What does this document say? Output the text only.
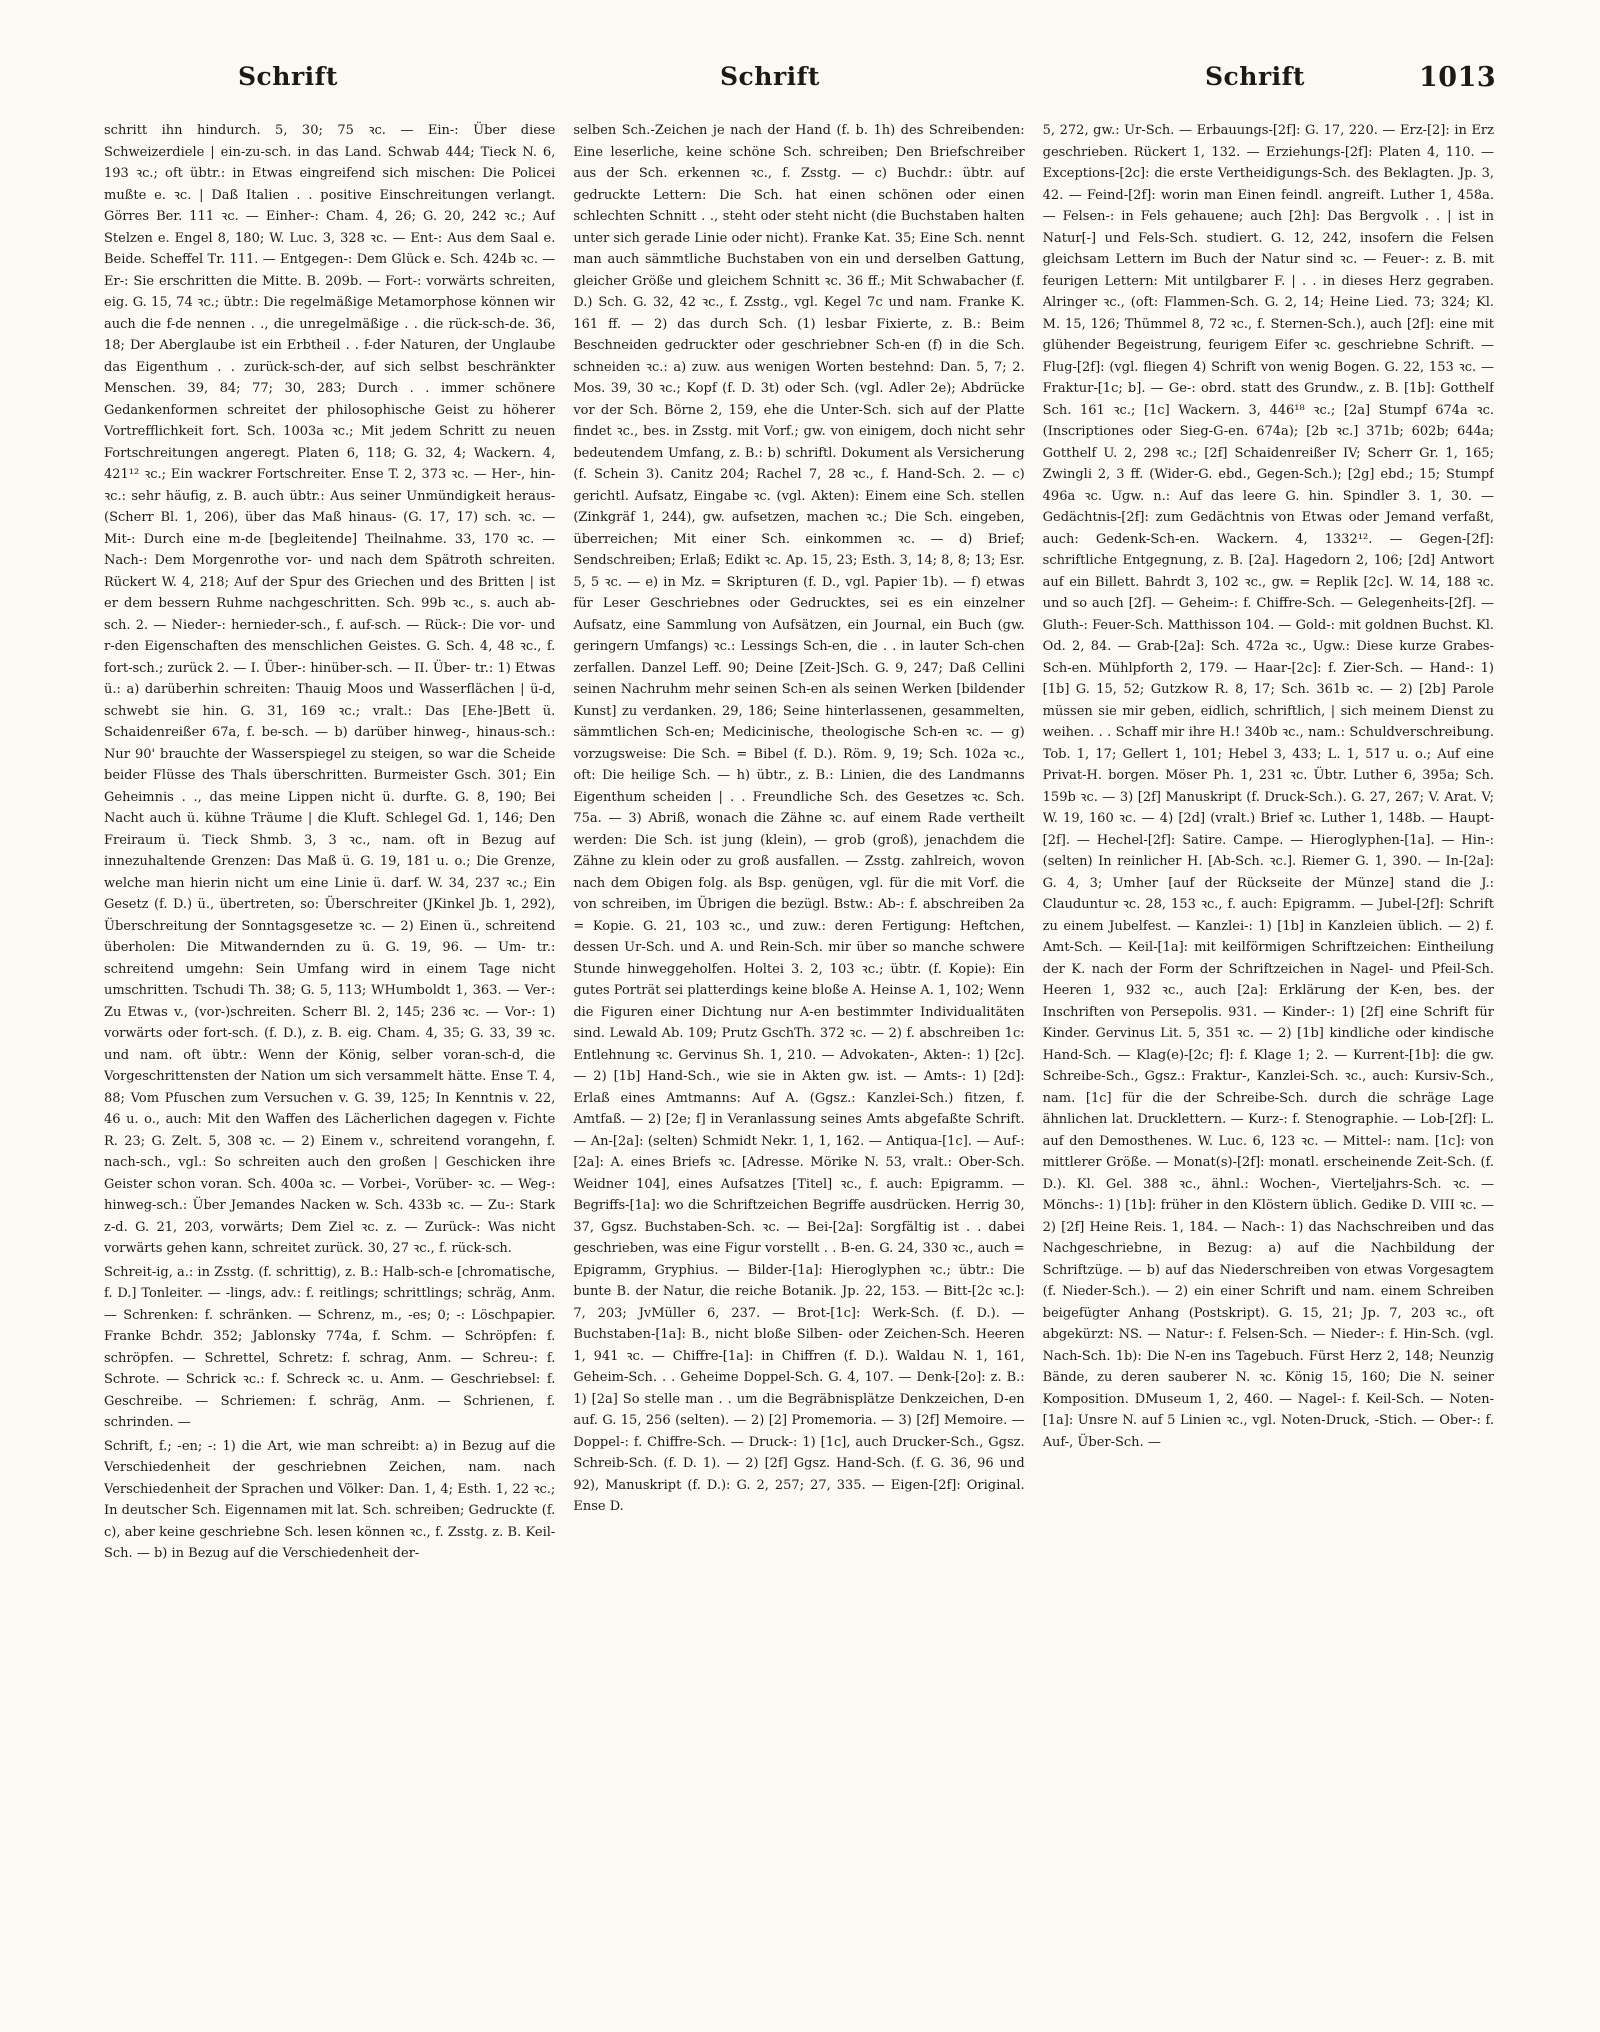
Schrift	Schrift	Schrift	1013

schritt ihn hindurch. 5, 30; 75 ꝛc. — Ein-: Über diese Schweizerdiele | ein-zu-sch. in das Land. Schwab 444; Tieck N. 6, 193 ꝛc.; oft übtr.: in Etwas eingreifend sich mischen: Die Policei mußte e. ꝛc. | Daß Italien . . positive Einschreitungen verlangt. Görres Ber. 111 ꝛc. — Einher-: Cham. 4, 26; G. 20, 242 ꝛc.; Auf Stelzen e. Engel 8, 180; W. Luc. 3, 328 ꝛc. — Ent-: Aus dem Saal e. Beide. Scheffel Tr. 111. — Entgegen-: Dem Glück e. Sch. 424b ꝛc. — Er-: Sie erschritten die Mitte. B. 209b. — Fort-: vorwärts schreiten, eig. G. 15, 74 ꝛc.; übtr.: Die regelmäßige Metamorphose können wir auch die f-de nennen . ., die unregelmäßige . . die rück-sch-de. 36, 18; Der Aberglaube ist ein Erbtheil . . f-der Naturen, der Unglaube das Eigenthum . . zurück-sch-der, auf sich selbst beschränkter Menschen. 39, 84; 77; 30, 283; Durch . . immer schönere Gedankenformen schreitet der philosophische Geist zu höherer Vortrefflichkeit fort. Sch. 1003a ꝛc.; Mit jedem Schritt zu neuen Fortschreitungen angeregt. Platen 6, 118; G. 32, 4; Wackern. 4, 421¹² ꝛc.; Ein wackrer Fortschreiter. Ense T. 2, 373 ꝛc. — Her-, hin- ꝛc.: sehr häufig, z. B. auch übtr.: Aus seiner Unmündigkeit heraus- (Scherr Bl. 1, 206), über das Maß hinaus- (G. 17, 17) sch. ꝛc. — Mit-: Durch eine m-de [begleitende] Theilnahme. 33, 170 ꝛc. — Nach-: Dem Morgenrothe vor- und nach dem Spätroth schreiten. Rückert W. 4, 218; Auf der Spur des Griechen und des Britten | ist er dem bessern Ruhme nachgeschritten. Sch. 99b ꝛc., s. auch ab-sch. 2. — Nieder-: hernieder-sch., f. auf-sch. — Rück-: Die vor- und r-den Eigenschaften des menschlichen Geistes. G. Sch. 4, 48 ꝛc., f. fort-sch.; zurück 2. — I. Über-: hinüber-sch. — II. Über- tr.: 1) Etwas ü.: a) darüberhin schreiten: Thauig Moos und Wasserflächen | ü-d, schwebt sie hin. G. 31, 169 ꝛc.; vralt.: Das [Ehe-]Bett ü. Schaidenreißer 67a, f. be-sch. — b) darüber hinweg-, hinaus-sch.: Nur 90' brauchte der Wasserspiegel zu steigen, so war die Scheide beider Flüsse des Thals überschritten. Burmeister Gsch. 301; Ein Geheimnis . ., das meine Lippen nicht ü. durfte. G. 8, 190; Bei Nacht auch ü. kühne Träume | die Kluft. Schlegel Gd. 1, 146; Den Freiraum ü. Tieck Shmb. 3, 3 ꝛc., nam. oft in Bezug auf innezuhaltende Grenzen: Das Maß ü. G. 19, 181 u. o.; Die Grenze, welche man hierin nicht um eine Linie ü. darf. W. 34, 237 ꝛc.; Ein Gesetz (f. D.) ü., übertreten, so: Überschreiter (JKinkel Jb. 1, 292), Überschreitung der Sonntagsgesetze ꝛc. — 2) Einen ü., schreitend überholen: Die Mitwandernden zu ü. G. 19, 96. — Um- tr.: schreitend umgehn: Sein Umfang wird in einem Tage nicht umschritten. Tschudi Th. 38; G. 5, 113; WHumboldt 1, 363. — Ver-: Zu Etwas v., (vor-)schreiten. Scherr Bl. 2, 145; 236 ꝛc. — Vor-: 1) vorwärts oder fort-sch. (f. D.), z. B. eig. Cham. 4, 35; G. 33, 39 ꝛc. und nam. oft übtr.: Wenn der König, selber voran-sch-d, die Vorgeschrittensten der Nation um sich versammelt hätte. Ense T. 4, 88; Vom Pfuschen zum Versuchen v. G. 39, 125; In Kenntnis v. 22, 46 u. o., auch: Mit den Waffen des Lächerlichen dagegen v. Fichte R. 23; G. Zelt. 5, 308 ꝛc. — 2) Einem v., schreitend vorangehn, f. nach-sch., vgl.: So schreiten auch den großen | Geschicken ihre Geister schon voran. Sch. 400a ꝛc. — Vorbei-, Vorüber- ꝛc. — Weg-: hinweg-sch.: Über Jemandes Nacken w. Sch. 433b ꝛc. — Zu-: Stark z-d. G. 21, 203, vorwärts; Dem Ziel ꝛc. z. — Zurück-: Was nicht vorwärts gehen kann, schreitet zurück. 30, 27 ꝛc., f. rück-sch.

Schreit-ig, a.: in Zsstg. (f. schrittig), z. B.: Halb-sch-e [chromatische, f. D.] Tonleiter. — -lings, adv.: f. reitlings; schrittlings; schräg, Anm. — Schrenken: f. schränken. — Schrenz, m., -es; 0; -: Löschpapier. Franke Bchdr. 352; Jablonsky 774a, f. Schm. — Schröpfen: f. schröpfen. — Schrettel, Schretz: f. schrag, Anm. — Schreu-: f. Schrote. — Schrick ꝛc.: f. Schreck ꝛc. u. Anm. — Geschriebsel: f. Geschreibe. — Schriemen: f. schräg, Anm. — Schrienen, f. schrinden. —

Schrift, f.; -en; -: 1) die Art, wie man schreibt: a) in Bezug auf die Verschiedenheit der geschriebnen Zeichen, nam. nach Verschiedenheit der Sprachen und Völker: Dan. 1, 4; Esth. 1, 22 ꝛc.; In deutscher Sch. Eigennamen mit lat. Sch. schreiben; Gedruckte (f. c), aber keine geschriebne Sch. lesen können ꝛc., f. Zsstg. z. B. Keil-Sch. — b) in Bezug auf die Verschiedenheit der-

selben Sch.-Zeichen je nach der Hand (f. b. 1h) des Schreibenden: Eine leserliche, keine schöne Sch. schreiben; Den Briefschreiber aus der Sch. erkennen ꝛc., f. Zsstg. — c) Buchdr.: übtr. auf gedruckte Lettern: Die Sch. hat einen schönen oder einen schlechten Schnitt . ., steht oder steht nicht (die Buchstaben halten unter sich gerade Linie oder nicht). Franke Kat. 35; Eine Sch. nennt man auch sämmtliche Buchstaben von ein und derselben Gattung, gleicher Größe und gleichem Schnitt ꝛc. 36 ff.; Mit Schwabacher (f. D.) Sch. G. 32, 42 ꝛc., f. Zsstg., vgl. Kegel 7c und nam. Franke K. 161 ff. — 2) das durch Sch. (1) lesbar Fixierte, z. B.: Beim Beschneiden gedruckter oder geschriebner Sch-en (f) in die Sch. schneiden ꝛc.: a) zuw. aus wenigen Worten bestehnd: Dan. 5, 7; 2. Mos. 39, 30 ꝛc.; Kopf (f. D. 3t) oder Sch. (vgl. Adler 2e); Abdrücke vor der Sch. Börne 2, 159, ehe die Unter-Sch. sich auf der Platte findet ꝛc., bes. in Zsstg. mit Vorf.; gw. von einigem, doch nicht sehr bedeutendem Umfang, z. B.: b) schriftl. Dokument als Versicherung (f. Schein 3). Canitz 204; Rachel 7, 28 ꝛc., f. Hand-Sch. 2. — c) gerichtl. Aufsatz, Eingabe ꝛc. (vgl. Akten): Einem eine Sch. stellen (Zinkgräf 1, 244), gw. aufsetzen, machen ꝛc.; Die Sch. eingeben, überreichen; Mit einer Sch. einkommen ꝛc. — d) Brief; Sendschreiben; Erlaß; Edikt ꝛc. Ap. 15, 23; Esth. 3, 14; 8, 8; 13; Esr. 5, 5 ꝛc. — e) in Mz. = Skripturen (f. D., vgl. Papier 1b). — f) etwas für Leser Geschriebnes oder Gedrucktes, sei es ein einzelner Aufsatz, eine Sammlung von Aufsätzen, ein Journal, ein Buch (gw. geringern Umfangs) ꝛc.: Lessings Sch-en, die . . in lauter Sch-chen zerfallen. Danzel Leff. 90; Deine [Zeit-]Sch. G. 9, 247; Daß Cellini seinen Nachruhm mehr seinen Sch-en als seinen Werken [bildender Kunst] zu verdanken. 29, 186; Seine hinterlassenen, gesammelten, sämmtlichen Sch-en; Medicinische, theologische Sch-en ꝛc. — g) vorzugsweise: Die Sch. = Bibel (f. D.). Röm. 9, 19; Sch. 102a ꝛc., oft: Die heilige Sch. — h) übtr., z. B.: Linien, die des Landmanns Eigenthum scheiden | . . Freundliche Sch. des Gesetzes ꝛc. Sch. 75a. — 3) Abriß, wonach die Zähne ꝛc. auf einem Rade vertheilt werden: Die Sch. ist jung (klein), — grob (groß), jenachdem die Zähne zu klein oder zu groß ausfallen. — Zsstg. zahlreich, wovon nach dem Obigen folg. als Bsp. genügen, vgl. für die mit Vorf. die von schreiben, im Übrigen die bezügl. Bstw.: Ab-: f. abschreiben 2a = Kopie. G. 21, 103 ꝛc., und zuw.: deren Fertigung: Heftchen, dessen Ur-Sch. und A. und Rein-Sch. mir über so manche schwere Stunde hinweggeholfen. Holtei 3. 2, 103 ꝛc.; übtr. (f. Kopie): Ein gutes Porträt sei platterdings keine bloße A. Heinse A. 1, 102; Wenn die Figuren einer Dichtung nur A-en bestimmter Individualitäten sind. Lewald Ab. 109; Prutz GschTh. 372 ꝛc. — 2) f. abschreiben 1c: Entlehnung ꝛc. Gervinus Sh. 1, 210. — Advokaten-, Akten-: 1) [2c]. — 2) [1b] Hand-Sch., wie sie in Akten gw. ist. — Amts-: 1) [2d]: Erlaß eines Amtmanns: Auf A. (Ggsz.: Kanzlei-Sch.) fitzen, f. Amtfaß. — 2) [2e; f] in Veranlassung seines Amts abgefaßte Schrift. — An-[2a]: (selten) Schmidt Nekr. 1, 1, 162. — Antiqua-[1c]. — Auf-: [2a]: A. eines Briefs ꝛc. [Adresse. Mörike N. 53, vralt.: Ober-Sch. Weidner 104], eines Aufsatzes [Titel] ꝛc., f. auch: Epigramm. — Begriffs-[1a]: wo die Schriftzeichen Begriffe ausdrücken. Herrig 30, 37, Ggsz. Buchstaben-Sch. ꝛc. — Bei-[2a]: Sorgfältig ist . . dabei geschrieben, was eine Figur vorstellt . . B-en. G. 24, 330 ꝛc., auch = Epigramm, Gryphius. — Bilder-[1a]: Hieroglyphen ꝛc.; übtr.: Die bunte B. der Natur, die reiche Botanik. Jp. 22, 153. — Bitt-[2c ꝛc.]: 7, 203; JvMüller 6, 237. — Brot-[1c]: Werk-Sch. (f. D.). — Buchstaben-[1a]: B., nicht bloße Silben- oder Zeichen-Sch. Heeren 1, 941 ꝛc. — Chiffre-[1a]: in Chiffren (f. D.). Waldau N. 1, 161, Geheim-Sch. . . Geheime Doppel-Sch. G. 4, 107. — Denk-[2o]: z. B.: 1) [2a] So stelle man . . um die Begräbnisplätze Denkzeichen, D-en auf. G. 15, 256 (selten). — 2) [2] Promemoria. — 3) [2f] Memoire. — Doppel-: f. Chiffre-Sch. — Druck-: 1) [1c], auch Drucker-Sch., Ggsz. Schreib-Sch. (f. D. 1). — 2) [2f] Ggsz. Hand-Sch. (f. G. 36, 96 und 92), Manuskript (f. D.): G. 2, 257; 27, 335. — Eigen-[2f]: Original. Ense D.

5, 272, gw.: Ur-Sch. — Erbauungs-[2f]: G. 17, 220. — Erz-[2]: in Erz geschrieben. Rückert 1, 132. — Erziehungs-[2f]: Platen 4, 110. — Exceptions-[2c]: die erste Vertheidigungs-Sch. des Beklagten. Jp. 3, 42. — Feind-[2f]: worin man Einen feindl. angreift. Luther 1, 458a. — Felsen-: in Fels gehauene; auch [2h]: Das Bergvolk . . | ist in Natur[-] und Fels-Sch. studiert. G. 12, 242, insofern die Felsen gleichsam Lettern im Buch der Natur sind ꝛc. — Feuer-: z. B. mit feurigen Lettern: Mit untilgbarer F. | . . in dieses Herz gegraben. Alringer ꝛc., (oft: Flammen-Sch. G. 2, 14; Heine Lied. 73; 324; Kl. M. 15, 126; Thümmel 8, 72 ꝛc., f. Sternen-Sch.), auch [2f]: eine mit glühender Begeistrung, feurigem Eifer ꝛc. geschriebne Schrift. — Flug-[2f]: (vgl. fliegen 4) Schrift von wenig Bogen. G. 22, 153 ꝛc. — Fraktur-[1c; b]. — Ge-: obrd. statt des Grundw., z. B. [1b]: Gotthelf Sch. 161 ꝛc.; [1c] Wackern. 3, 446¹⁸ ꝛc.; [2a] Stumpf 674a ꝛc. (Inscriptiones oder Sieg-G-en. 674a); [2b ꝛc.] 371b; 602b; 644a; Gotthelf U. 2, 298 ꝛc.; [2f] Schaidenreißer IV; Scherr Gr. 1, 165; Zwingli 2, 3 ff. (Wider-G. ebd., Gegen-Sch.); [2g] ebd.; 15; Stumpf 496a ꝛc. Ugw. n.: Auf das leere G. hin. Spindler 3. 1, 30. — Gedächtnis-[2f]: zum Gedächtnis von Etwas oder Jemand verfaßt, auch: Gedenk-Sch-en. Wackern. 4, 1332¹². — Gegen-[2f]: schriftliche Entgegnung, z. B. [2a]. Hagedorn 2, 106; [2d] Antwort auf ein Billett. Bahrdt 3, 102 ꝛc., gw. = Replik [2c]. W. 14, 188 ꝛc. und so auch [2f]. — Geheim-: f. Chiffre-Sch. — Gelegenheits-[2f]. — Gluth-: Feuer-Sch. Matthisson 104. — Gold-: mit goldnen Buchst. Kl. Od. 2, 84. — Grab-[2a]: Sch. 472a ꝛc., Ugw.: Diese kurze Grabes-Sch-en. Mühlpforth 2, 179. — Haar-[2c]: f. Zier-Sch. — Hand-: 1) [1b] G. 15, 52; Gutzkow R. 8, 17; Sch. 361b ꝛc. — 2) [2b] Parole müssen sie mir geben, eidlich, schriftlich, | sich meinem Dienst zu weihen. . . Schaff mir ihre H.! 340b ꝛc., nam.: Schuldverschreibung. Tob. 1, 17; Gellert 1, 101; Hebel 3, 433; L. 1, 517 u. o.; Auf eine Privat-H. borgen. Möser Ph. 1, 231 ꝛc. Übtr. Luther 6, 395a; Sch. 159b ꝛc. — 3) [2f] Manuskript (f. Druck-Sch.). G. 27, 267; V. Arat. V; W. 19, 160 ꝛc. — 4) [2d] (vralt.) Brief ꝛc. Luther 1, 148b. — Haupt-[2f]. — Hechel-[2f]: Satire. Campe. — Hieroglyphen-[1a]. — Hin-: (selten) In reinlicher H. [Ab-Sch. ꝛc.]. Riemer G. 1, 390. — In-[2a]: G. 4, 3; Umher [auf der Rückseite der Münze] stand die J.: Clauduntur ꝛc. 28, 153 ꝛc., f. auch: Epigramm. — Jubel-[2f]: Schrift zu einem Jubelfest. — Kanzlei-: 1) [1b] in Kanzleien üblich. — 2) f. Amt-Sch. — Keil-[1a]: mit keilförmigen Schriftzeichen: Eintheilung der K. nach der Form der Schriftzeichen in Nagel- und Pfeil-Sch. Heeren 1, 932 ꝛc., auch [2a]: Erklärung der K-en, bes. der Inschriften von Persepolis. 931. — Kinder-: 1) [2f] eine Schrift für Kinder. Gervinus Lit. 5, 351 ꝛc. — 2) [1b] kindliche oder kindische Hand-Sch. — Klag(e)-[2c; f]: f. Klage 1; 2. — Kurrent-[1b]: die gw. Schreibe-Sch., Ggsz.: Fraktur-, Kanzlei-Sch. ꝛc., auch: Kursiv-Sch., nam. [1c] für die der Schreibe-Sch. durch die schräge Lage ähnlichen lat. Drucklettern. — Kurz-: f. Stenographie. — Lob-[2f]: L. auf den Demosthenes. W. Luc. 6, 123 ꝛc. — Mittel-: nam. [1c]: von mittlerer Größe. — Monat(s)-[2f]: monatl. erscheinende Zeit-Sch. (f. D.). Kl. Gel. 388 ꝛc., ähnl.: Wochen-, Vierteljahrs-Sch. ꝛc. — Mönchs-: 1) [1b]: früher in den Klöstern üblich. Gedike D. VIII ꝛc. — 2) [2f] Heine Reis. 1, 184. — Nach-: 1) das Nachschreiben und das Nachgeschriebne, in Bezug: a) auf die Nachbildung der Schriftzüge. — b) auf das Niederschreiben von etwas Vorgesagtem (f. Nieder-Sch.). — 2) ein einer Schrift und nam. einem Schreiben beigefügter Anhang (Postskript). G. 15, 21; Jp. 7, 203 ꝛc., oft abgekürzt: NS. — Natur-: f. Felsen-Sch. — Nieder-: f. Hin-Sch. (vgl. Nach-Sch. 1b): Die N-en ins Tagebuch. Fürst Herz 2, 148; Neunzig Bände, zu deren sauberer N. ꝛc. König 15, 160; Die N. seiner Komposition. DMuseum 1, 2, 460. — Nagel-: f. Keil-Sch. — Noten-[1a]: Unsre N. auf 5 Linien ꝛc., vgl. Noten-Druck, -Stich. — Ober-: f. Auf-, Über-Sch. —
